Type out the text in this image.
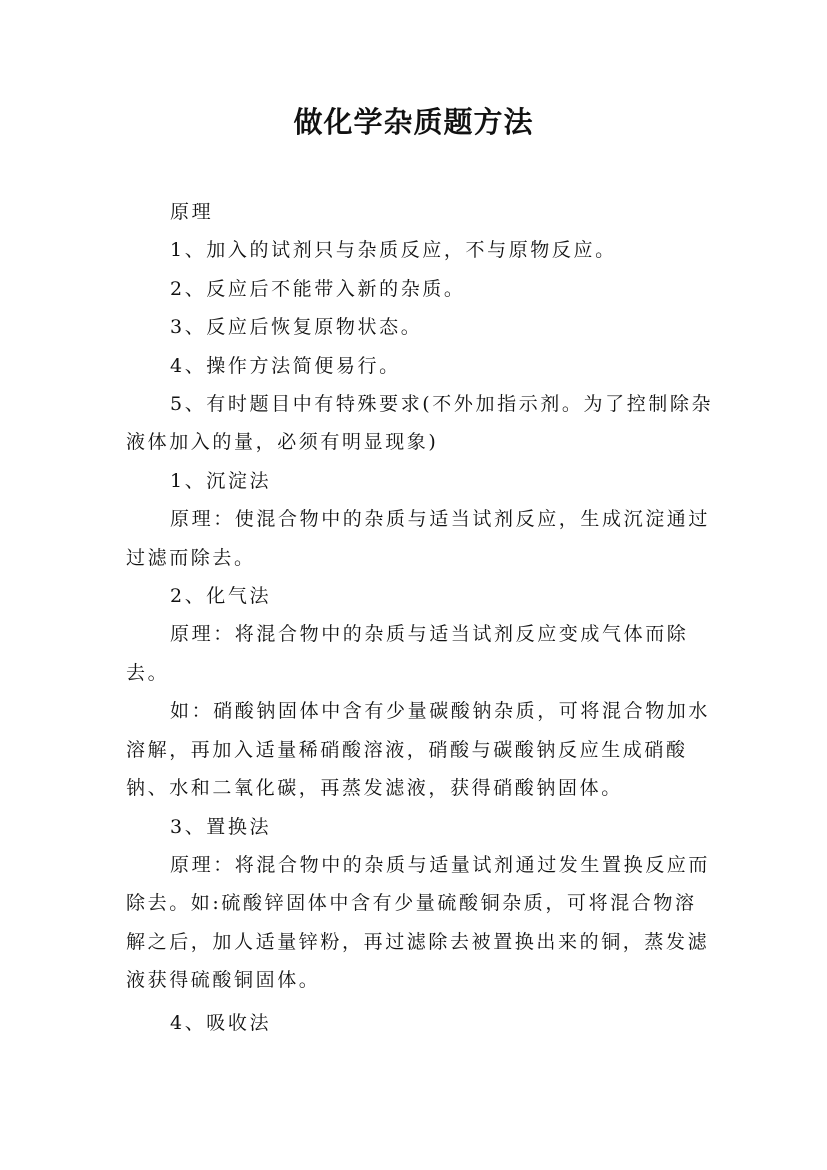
做化学杂质题方法

原理

1、加入的试剂只与杂质反应，不与原物反应。

2、反应后不能带入新的杂质。

3、反应后恢复原物状态。

4、操作方法简便易行。

5、有时题目中有特殊要求(不外加指示剂。为了控制除杂液体加入的量，必须有明显现象)

1、沉淀法

原理：使混合物中的杂质与适当试剂反应，生成沉淀通过过滤而除去。

2、化气法

原理：将混合物中的杂质与适当试剂反应变成气体而除去。

如：硝酸钠固体中含有少量碳酸钠杂质，可将混合物加水溶解，再加入适量稀硝酸溶液，硝酸与碳酸钠反应生成硝酸钠、水和二氧化碳，再蒸发滤液，获得硝酸钠固体。

3、置换法

原理：将混合物中的杂质与适量试剂通过发生置换反应而除去。如:硫酸锌固体中含有少量硫酸铜杂质，可将混合物溶解之后，加人适量锌粉，再过滤除去被置换出来的铜，蒸发滤液获得硫酸铜固体。

4、吸收法
